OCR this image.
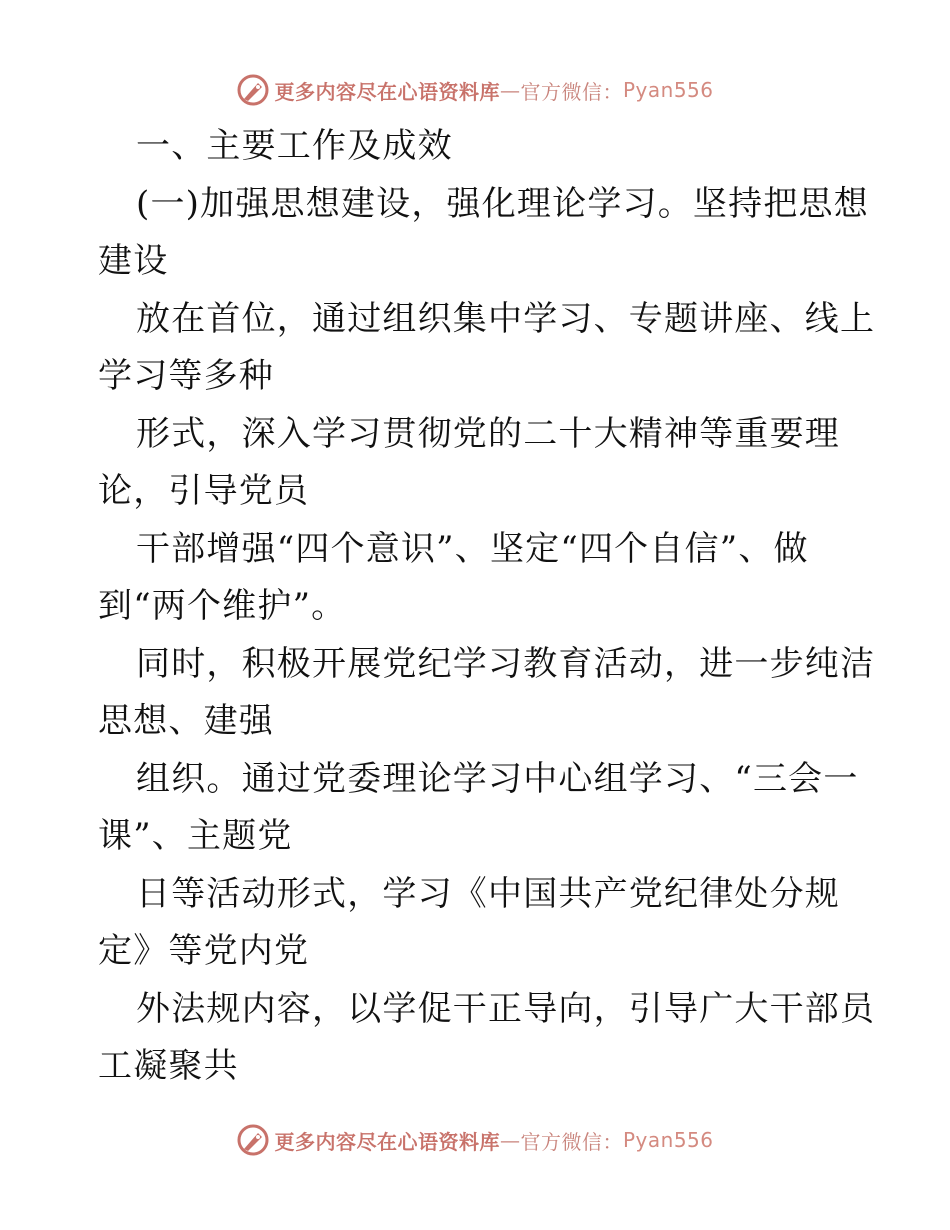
更多内容尽在心语资料库 — 官方微信： Pyan556
一、主要工作及成效
(一)加强思想建设，强化理论学习。坚持把思想
建设
放在首位，通过组织集中学习、专题讲座、线上
学习等多种
形式，深入学习贯彻党的二十大精神等重要理
论，引导党员
干部增强“四个意识”、坚定“四个自信”、做
到“两个维护”。
同时，积极开展党纪学习教育活动，进一步纯洁
思想、建强
组织。通过党委理论学习中心组学习、“三会一
课”、主题党
日等活动形式，学习《中国共产党纪律处分规
定》等党内党
外法规内容，以学促干正导向，引导广大干部员
工凝聚共
更多内容尽在心语资料库 — 官方微信： Pyan556
